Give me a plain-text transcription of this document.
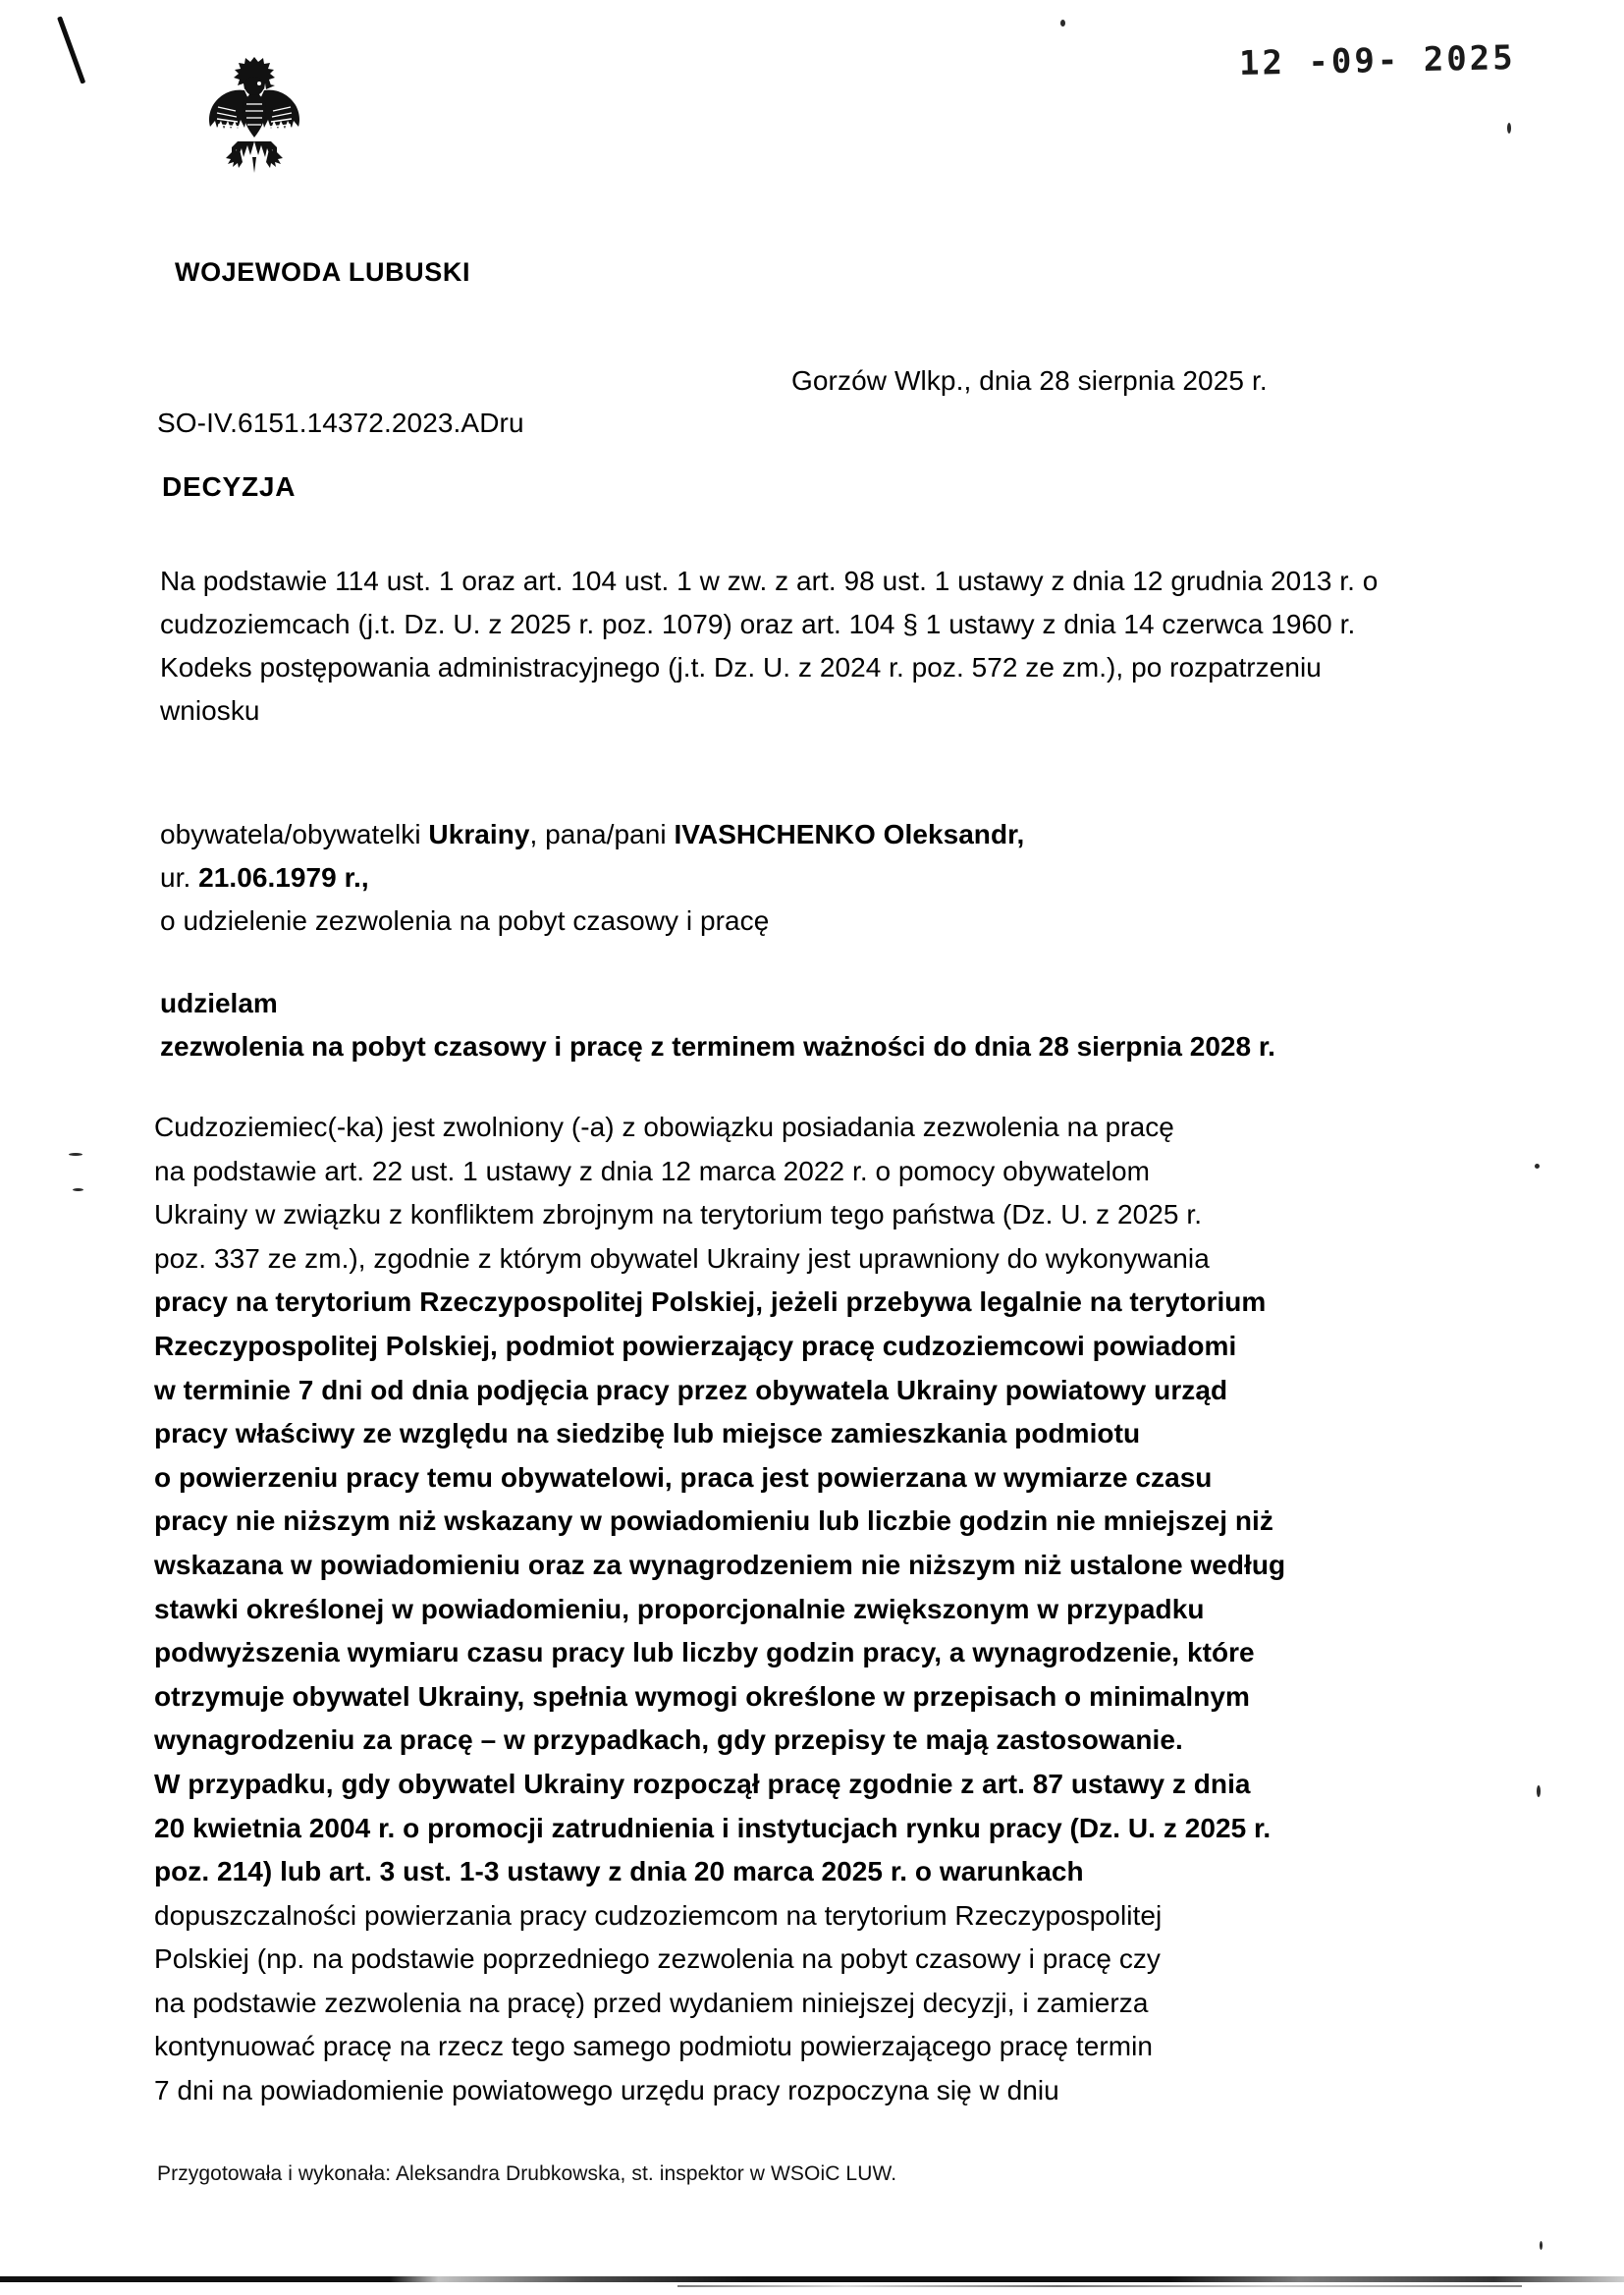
12 -09- 2025
WOJEWODA LUBUSKI
Gorzów Wlkp., dnia 28 sierpnia 2025 r.
SO-IV.6151.14372.2023.ADru
DECYZJA
Na podstawie 114 ust. 1 oraz art. 104 ust. 1 w zw. z art. 98 ust. 1 ustawy z dnia 12 grudnia 2013 r. o cudzoziemcach (j.t. Dz. U. z 2025 r. poz. 1079) oraz art. 104 § 1 ustawy z dnia 14 czerwca 1960 r. Kodeks postępowania administracyjnego (j.t. Dz. U. z 2024 r. poz. 572 ze zm.), po rozpatrzeniu wniosku
obywatela/obywatelki Ukrainy, pana/pani IVASHCHENKO Oleksandr,
ur. 21.06.1979 r.,
o udzielenie zezwolenia na pobyt czasowy i pracę
udzielam
zezwolenia na pobyt czasowy i pracę z terminem ważności do dnia 28 sierpnia 2028 r.
Cudzoziemiec(-ka) jest zwolniony (-a) z obowiązku posiadania zezwolenia na pracę
na podstawie art. 22 ust. 1 ustawy z dnia 12 marca 2022 r. o pomocy obywatelom
Ukrainy w związku z konfliktem zbrojnym na terytorium tego państwa (Dz. U. z 2025 r.
poz. 337 ze zm.), zgodnie z którym obywatel Ukrainy jest uprawniony do wykonywania
pracy na terytorium Rzeczypospolitej Polskiej, jeżeli przebywa legalnie na terytorium
Rzeczypospolitej Polskiej, podmiot powierzający pracę cudzoziemcowi powiadomi
w terminie 7 dni od dnia podjęcia pracy przez obywatela Ukrainy powiatowy urząd
pracy właściwy ze względu na siedzibę lub miejsce zamieszkania podmiotu
o powierzeniu pracy temu obywatelowi, praca jest powierzana w wymiarze czasu
pracy nie niższym niż wskazany w powiadomieniu lub liczbie godzin nie mniejszej niż
wskazana w powiadomieniu oraz za wynagrodzeniem nie niższym niż ustalone według
stawki określonej w powiadomieniu, proporcjonalnie zwiększonym w przypadku
podwyższenia wymiaru czasu pracy lub liczby godzin pracy, a wynagrodzenie, które
otrzymuje obywatel Ukrainy, spełnia wymogi określone w przepisach o minimalnym
wynagrodzeniu za pracę – w przypadkach, gdy przepisy te mają zastosowanie.
W przypadku, gdy obywatel Ukrainy rozpoczął pracę zgodnie z art. 87 ustawy z dnia
20 kwietnia 2004 r. o promocji zatrudnienia i instytucjach rynku pracy (Dz. U. z 2025 r.
poz. 214) lub art. 3 ust. 1-3 ustawy z dnia 20 marca 2025 r. o warunkach
dopuszczalności powierzania pracy cudzoziemcom na terytorium Rzeczypospolitej
Polskiej (np. na podstawie poprzedniego zezwolenia na pobyt czasowy i pracę czy
na podstawie zezwolenia na pracę) przed wydaniem niniejszej decyzji, i zamierza
kontynuować pracę na rzecz tego samego podmiotu powierzającego pracę termin
7 dni na powiadomienie powiatowego urzędu pracy rozpoczyna się w dniu
Przygotowała i wykonała: Aleksandra Drubkowska, st. inspektor w WSOiC LUW.
